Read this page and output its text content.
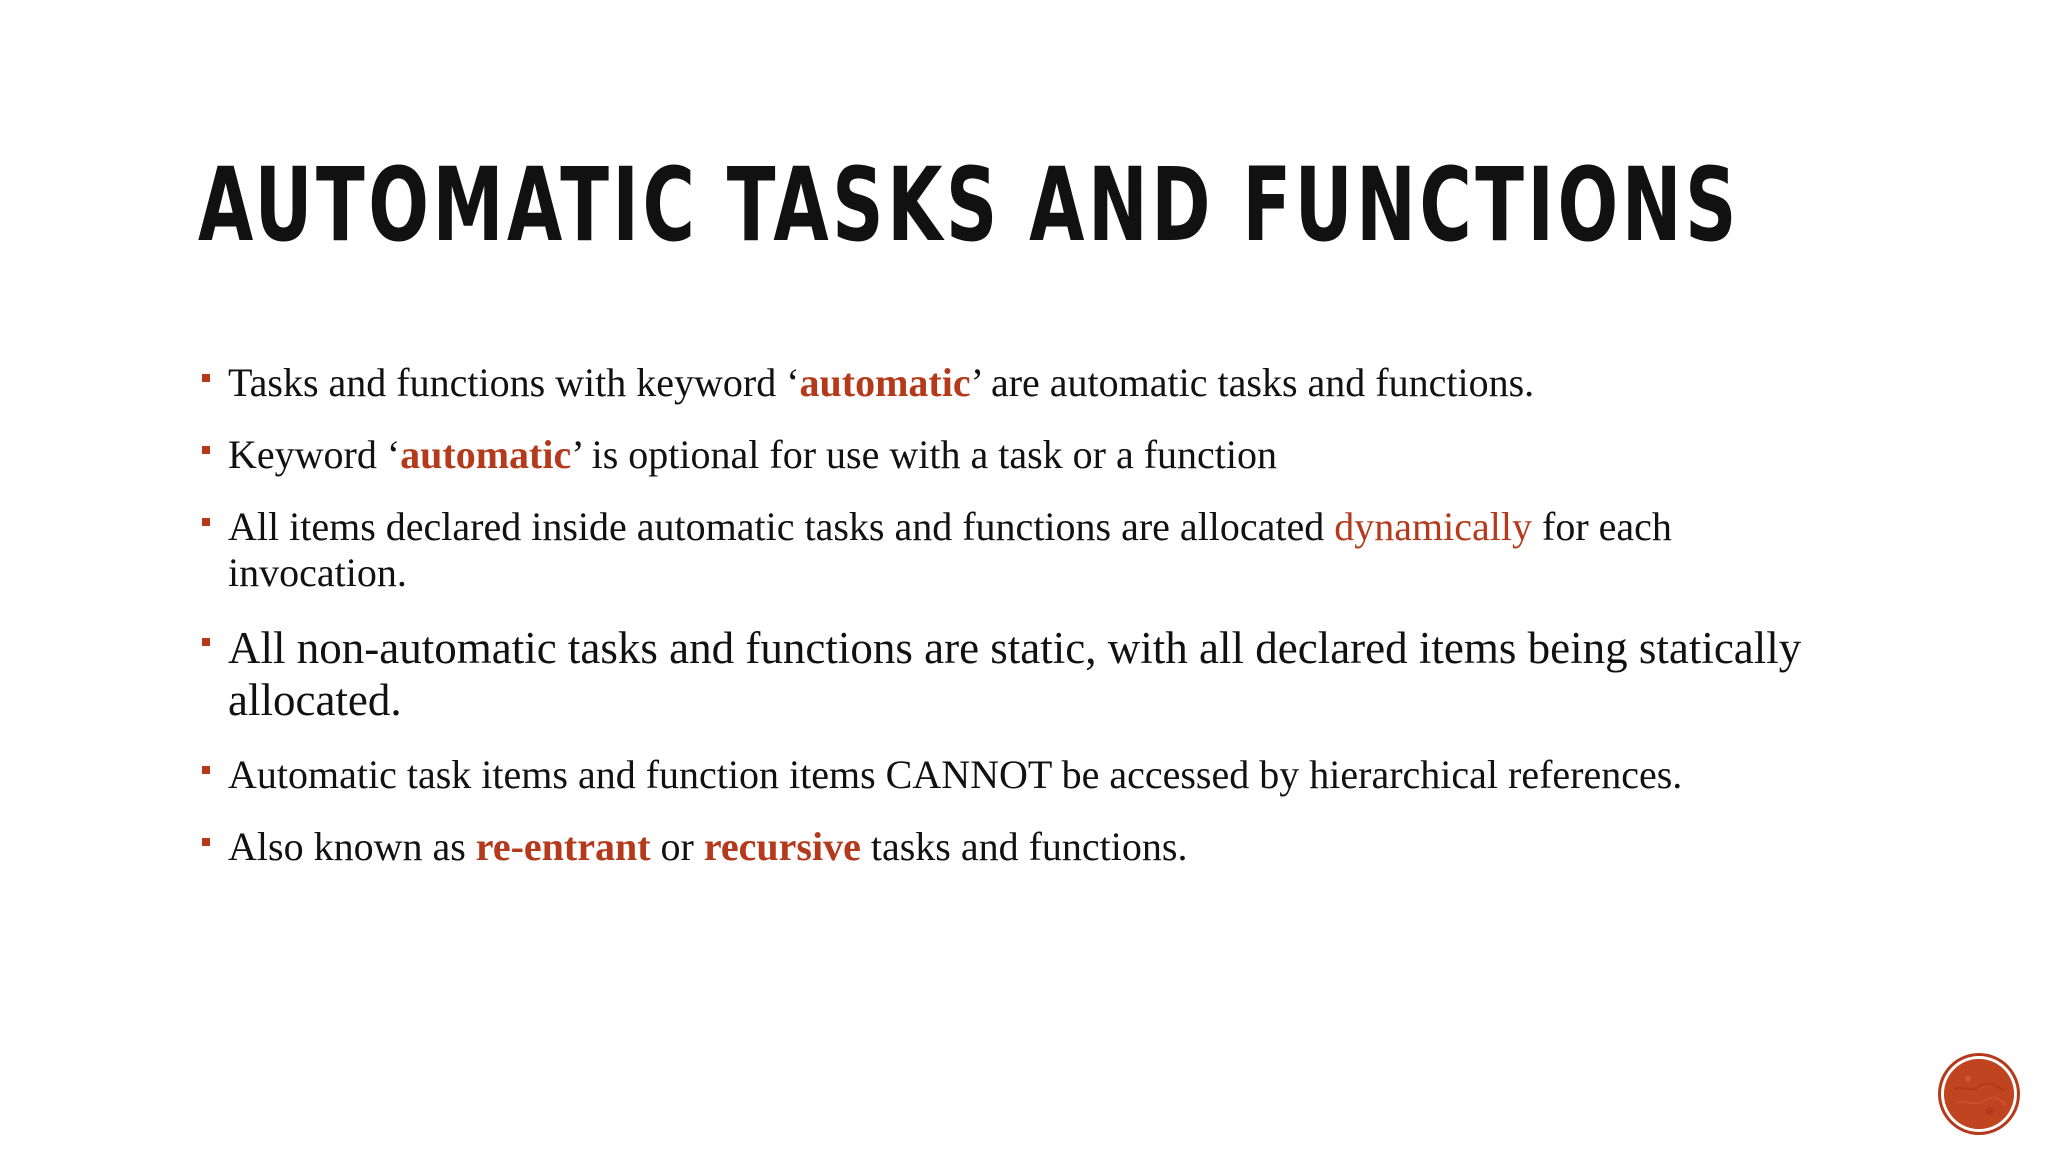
AUTOMATIC TASKS AND FUNCTIONS
Tasks and functions with keyword ‘automatic’ are automatic tasks and functions.
Keyword ‘automatic’ is optional for use with a task or a function
All items declared inside automatic tasks and functions are allocated dynamically for each invocation.
All non-automatic tasks and functions are static, with all declared items being statically allocated.
Automatic task items and function items CANNOT be accessed by hierarchical references.
Also known as re-entrant or recursive tasks and functions.
